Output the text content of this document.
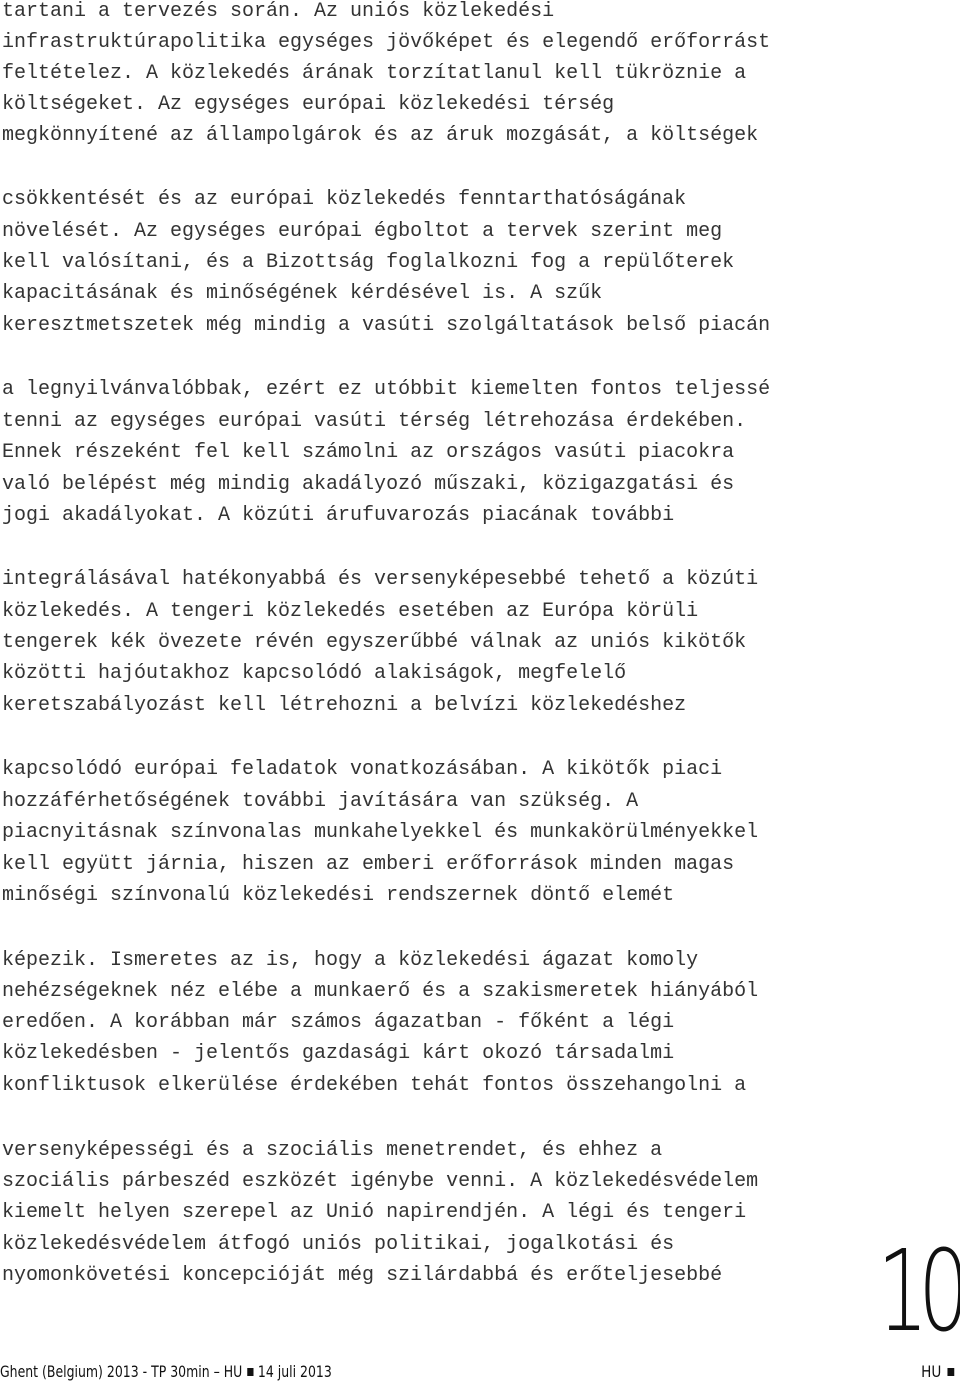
tartani a tervezés során. Az uniós közlekedési
infrastruktúrapolitika egységes jövőképet és elegendő erőforrást
feltételez. A közlekedés árának torzítatlanul kell tükröznie a
költségeket. Az egységes európai közlekedési térség
megkönnyítené az állampolgárok és az áruk mozgását, a költségek
csökkentését és az európai közlekedés fenntarthatóságának
növelését. Az egységes európai égboltot a tervek szerint meg
kell valósítani, és a Bizottság foglalkozni fog a repülőterek
kapacitásának és minőségének kérdésével is. A szűk
keresztmetszetek még mindig a vasúti szolgáltatások belső piacán
a legnyilvánvalóbbak, ezért ez utóbbit kiemelten fontos teljessé
tenni az egységes európai vasúti térség létrehozása érdekében.
Ennek részeként fel kell számolni az országos vasúti piacokra
való belépést még mindig akadályozó műszaki, közigazgatási és
jogi akadályokat. A közúti árufuvarozás piacának további
integrálásával hatékonyabbá és versenyképesebbé tehető a közúti
közlekedés. A tengeri közlekedés esetében az Európa körüli
tengerek kék övezete révén egyszerűbbé válnak az uniós kikötők
közötti hajóutakhoz kapcsolódó alakiságok, megfelelő
keretszabályozást kell létrehozni a belvízi közlekedéshez
kapcsolódó európai feladatok vonatkozásában. A kikötők piaci
hozzáférhetőségének további javítására van szükség. A
piacnyitásnak színvonalas munkahelyekkel és munkakörülményekkel
kell együtt járnia, hiszen az emberi erőforrások minden magas
minőségi színvonalú közlekedési rendszernek döntő elemét
képezik. Ismeretes az is, hogy a közlekedési ágazat komoly
nehézségeknek néz elébe a munkaerő és a szakismeretek hiányából
eredően. A korábban már számos ágazatban - főként a légi
közlekedésben - jelentős gazdasági kárt okozó társadalmi
konfliktusok elkerülése érdekében tehát fontos összehangolni a
versenyképességi és a szociális menetrendet, és ehhez a
szociális párbeszéd eszközét igénybe venni. A közlekedésvédelem
kiemelt helyen szerepel az Unió napirendjén. A légi és tengeri
közlekedésvédelem átfogó uniós politikai, jogalkotási és
nyomonkövetési koncepcióját még szilárdabbá és erőteljesebbé 10
Ghent (Belgium) 2013 - TP 30min – HU 14 juli 2013	HU
